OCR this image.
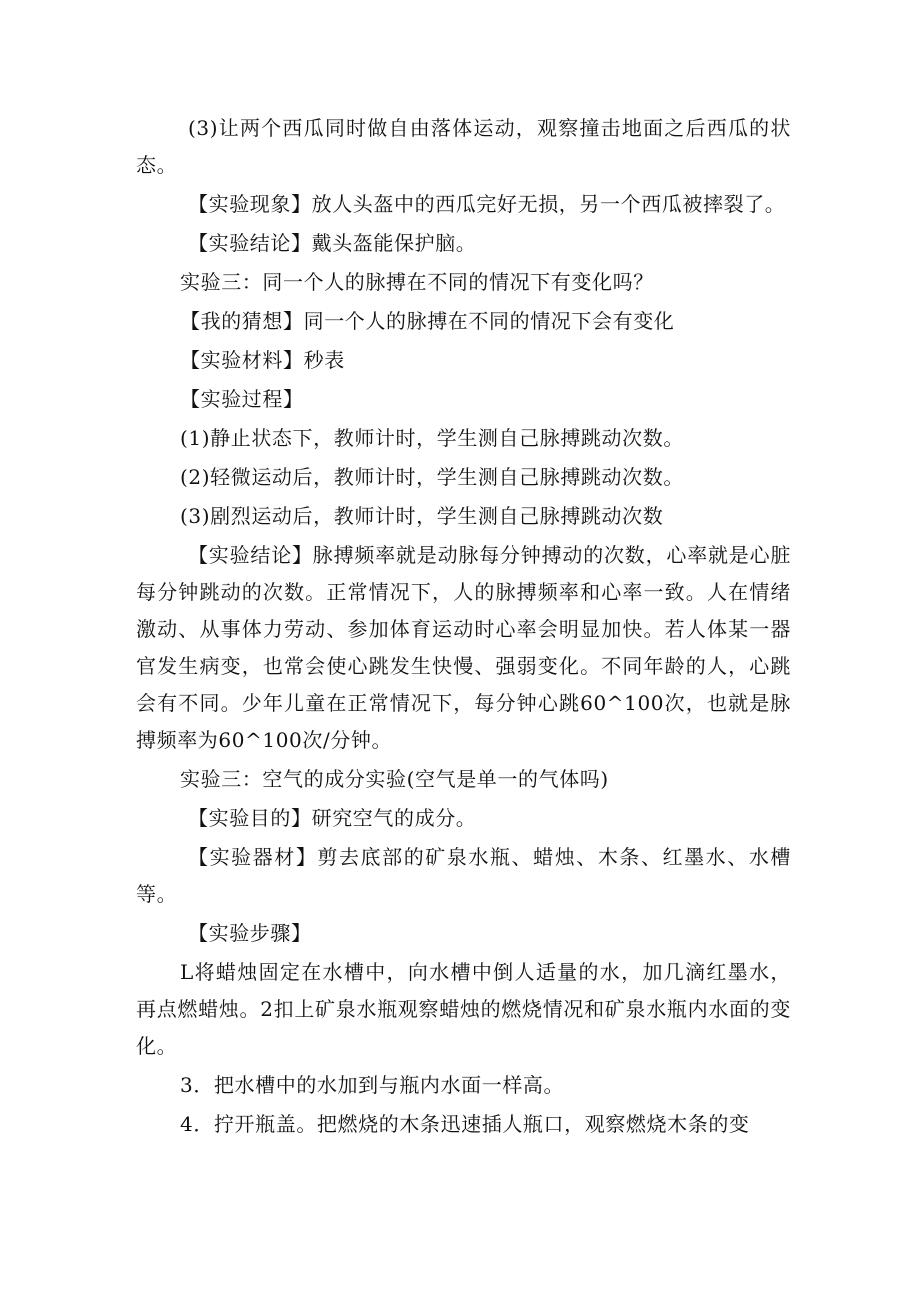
(3)让两个西瓜同时做自由落体运动，观察撞击地面之后西瓜的状态。

【实验现象】放人头盔中的西瓜完好无损，另一个西瓜被摔裂了。

【实验结论】戴头盔能保护脑。

实验三：同一个人的脉搏在不同的情况下有变化吗？

【我的猜想】同一个人的脉搏在不同的情况下会有变化

【实验材料】秒表

【实验过程】

(1)静止状态下，教师计时，学生测自己脉搏跳动次数。

(2)轻微运动后，教师计时，学生测自己脉搏跳动次数。

(3)剧烈运动后，教师计时，学生测自己脉搏跳动次数

【实验结论】脉搏频率就是动脉每分钟搏动的次数，心率就是心脏每分钟跳动的次数。正常情况下，人的脉搏频率和心率一致。人在情绪激动、从事体力劳动、参加体育运动时心率会明显加快。若人体某一器官发生病变，也常会使心跳发生快慢、强弱变化。不同年龄的人，心跳会有不同。少年儿童在正常情况下，每分钟心跳60^100次，也就是脉搏频率为60^100次/分钟。

实验三：空气的成分实验(空气是单一的气体吗)

【实验目的】研究空气的成分。

【实验器材】剪去底部的矿泉水瓶、蜡烛、木条、红墨水、水槽等。

【实验步骤】

L将蜡烛固定在水槽中，向水槽中倒人适量的水，加几滴红墨水，再点燃蜡烛。2扣上矿泉水瓶观察蜡烛的燃烧情况和矿泉水瓶内水面的变化。

3．把水槽中的水加到与瓶内水面一样高。

4．拧开瓶盖。把燃烧的木条迅速插人瓶口，观察燃烧木条的变
